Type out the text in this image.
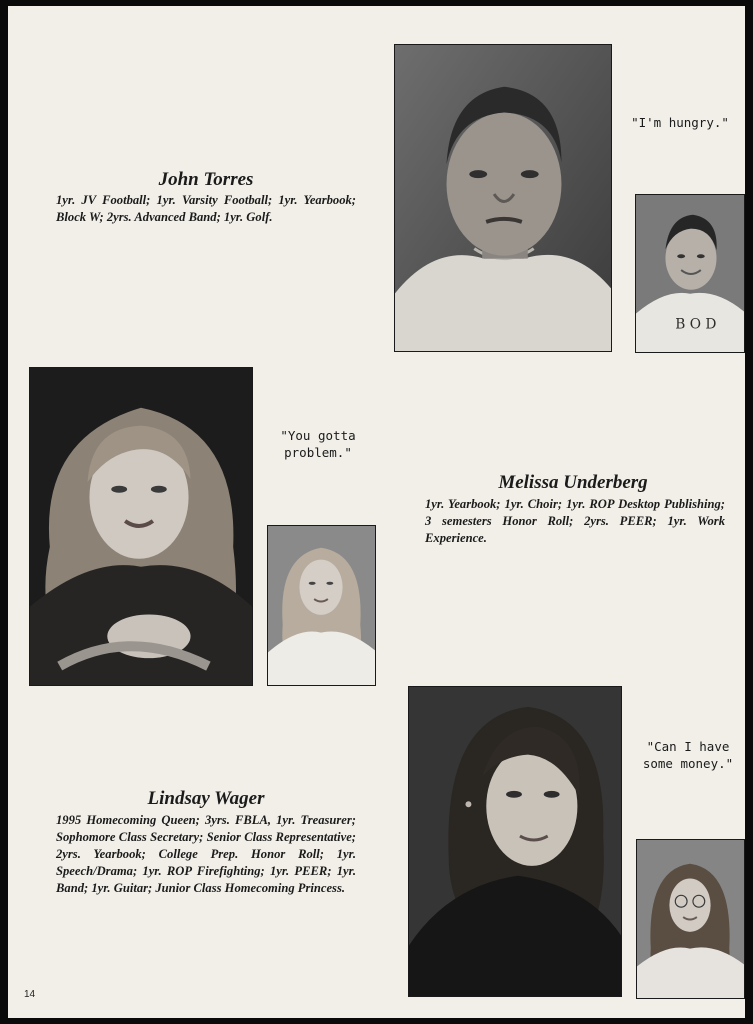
John Torres
1yr. JV Football; 1yr. Varsity Football; 1yr. Yearbook; Block W; 2yrs. Advanced Band; 1yr. Golf.
"I'm hungry."
B O D
"You gotta
problem."
Melissa Underberg
1yr. Yearbook; 1yr. Choir; 1yr. ROP Desktop Publishing; 3 semesters Honor Roll; 2yrs. PEER; 1yr. Work Experience.
Lindsay Wager
1995 Homecoming Queen; 3yrs. FBLA, 1yr. Treasurer; Sophomore Class Secretary; Senior Class Representative; 2yrs. Yearbook; College Prep. Honor Roll; 1yr. Speech/Drama; 1yr. ROP Firefighting; 1yr. PEER; 1yr. Band; 1yr. Guitar; Junior Class Homecoming Princess.
"Can I have
some money."
14
